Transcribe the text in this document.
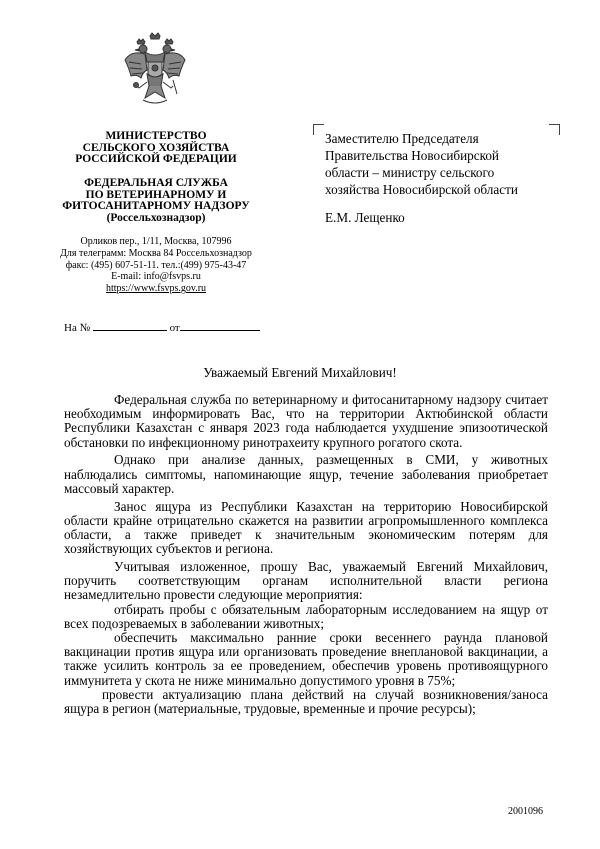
МИНИСТЕРСТВО
СЕЛЬСКОГО ХОЗЯЙСТВА
РОССИЙСКОЙ ФЕДЕРАЦИИ
ФЕДЕРАЛЬНАЯ СЛУЖБА
ПО ВЕТЕРИНАРНОМУ И
ФИТОСАНИТАРНОМУ НАДЗОРУ
(Россельхознадзор)
Орликов пер., 1/11, Москва, 107996
Для телеграмм: Москва 84 Россельхознадзор
факс: (495) 607-51-11. тел.:(499) 975-43-47
E-mail: info@fsvps.ru
https://www.fsvps.gov.ru
На №	от
Заместителю Председателя
Правительства Новосибирской
области – министру сельского
хозяйства Новосибирской области
Е.М. Лещенко
Уважаемый Евгений Михайлович!

Федеральная служба по ветеринарному и фитосанитарному надзору считает необходимым информировать Вас, что на территории Актюбинской области Республики Казахстан с января 2023 года наблюдается ухудшение эпизоотической обстановки по инфекционному ринотрахеиту крупного рогатого скота.

Однако при анализе данных, размещенных в СМИ, у животных наблюдались симптомы, напоминающие ящур, течение заболевания приобретает массовый характер.

Занос ящура из Республики Казахстан на территорию Новосибирской области крайне отрицательно скажется на развитии агропромышленного комплекса области, а также приведет к значительным экономическим потерям для хозяйствующих субъектов и региона.

Учитывая изложенное, прошу Вас, уважаемый Евгений Михайлович, поручить соответствующим органам исполнительной власти региона незамедлительно провести следующие мероприятия:

отбирать пробы с обязательным лабораторным исследованием на ящур от всех подозреваемых в заболевании животных;

обеспечить максимально ранние сроки весеннего раунда плановой вакцинации против ящура или организовать проведение внеплановой вакцинации, а также усилить контроль за ее проведением, обеспечив уровень противоящурного иммунитета у скота не ниже минимально допустимого уровня в 75%;

провести актуализацию плана действий на случай возникновения/заноса ящура в регион (материальные, трудовые, временные и прочие ресурсы);

2001096
